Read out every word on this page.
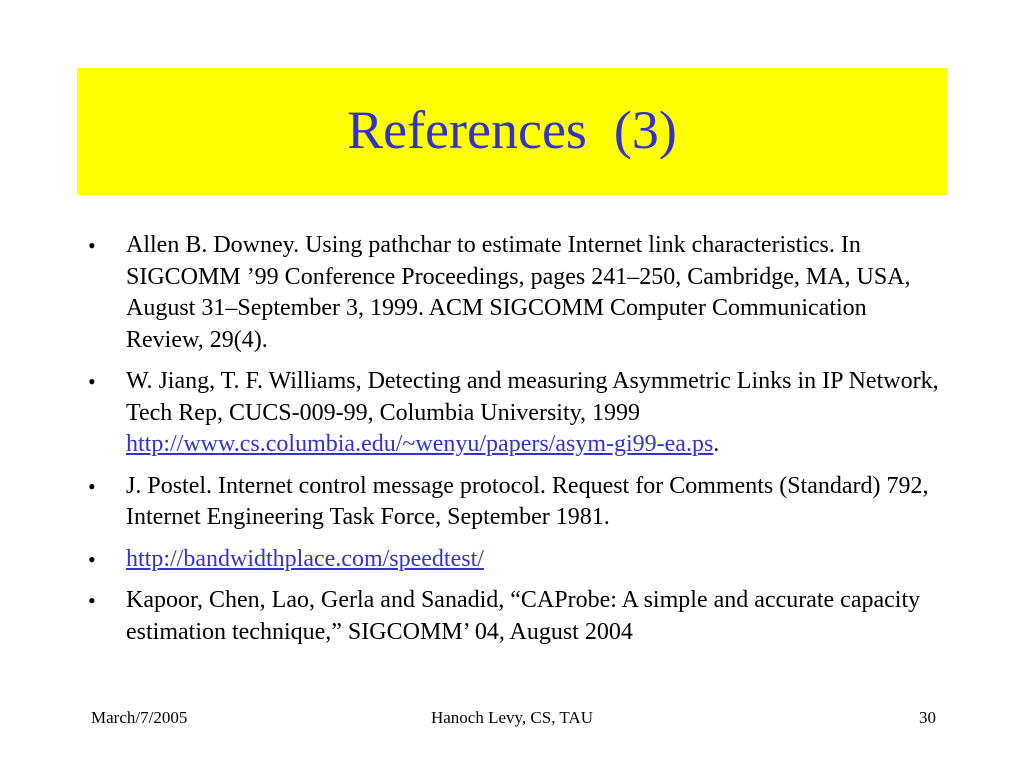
References  (3)
• Allen B. Downey. Using pathchar to estimate Internet link characteristics. In SIGCOMM ’99 Conference Proceedings, pages 241–250, Cambridge, MA, USA, August 31–September 3, 1999. ACM SIGCOMM Computer Communication Review, 29(4).
• W. Jiang, T. F. Williams, Detecting and measuring Asymmetric Links in IP Network, Tech Rep, CUCS-009-99, Columbia University, 1999 http://www.cs.columbia.edu/~wenyu/papers/asym-gi99-ea.ps.
• J. Postel. Internet control message protocol. Request for Comments (Standard) 792, Internet Engineering Task Force, September 1981.
• http://bandwidthplace.com/speedtest/
• Kapoor, Chen, Lao, Gerla and Sanadid, “CAProbe: A simple and accurate capacity estimation technique,” SIGCOMM’ 04, August 2004
March/7/2005	Hanoch Levy, CS, TAU	30
